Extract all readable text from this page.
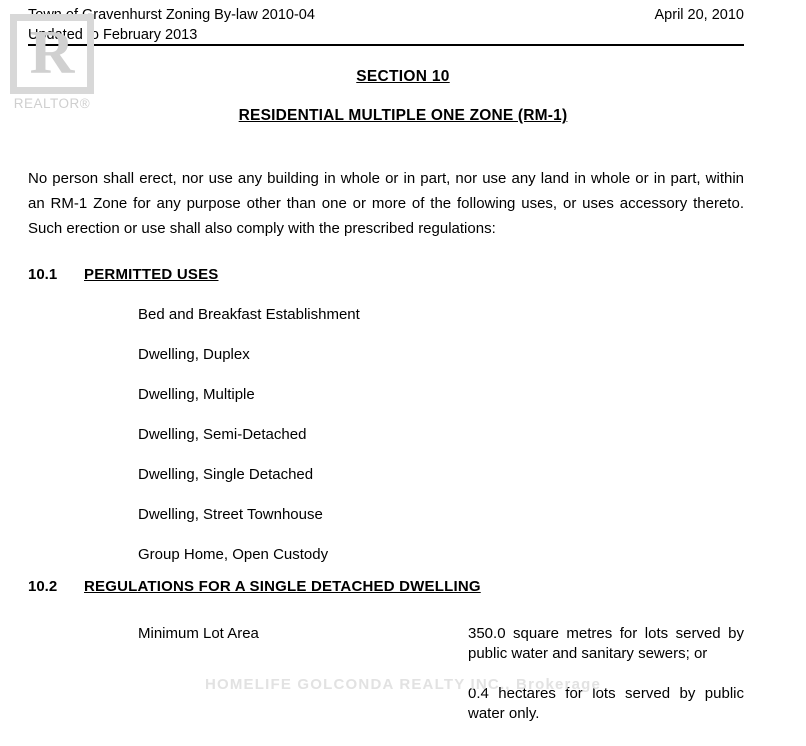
Town of Gravenhurst Zoning By-law 2010-04	April 20, 2010
Updated to February 2013
R
REALTOR®
SECTION 10
RESIDENTIAL MULTIPLE ONE ZONE (RM-1)
No person shall erect, nor use any building in whole or in part, nor use any land in whole or in part, within an RM-1 Zone for any purpose other than one or more of the following uses, or uses accessory thereto. Such erection or use shall also comply with the prescribed regulations:
10.1 PERMITTED USES
Bed and Breakfast Establishment
Dwelling, Duplex
Dwelling, Multiple
Dwelling, Semi-Detached
Dwelling, Single Detached
Dwelling, Street Townhouse
Group Home, Open Custody
10.2 REGULATIONS FOR A SINGLE DETACHED DWELLING
Minimum Lot Area	350.0 square metres for lots served by public water and sanitary sewers; or

0.4 hectares for lots served by public water only.

HOMELIFE GOLCONDA REALTY INC., Brokerage
